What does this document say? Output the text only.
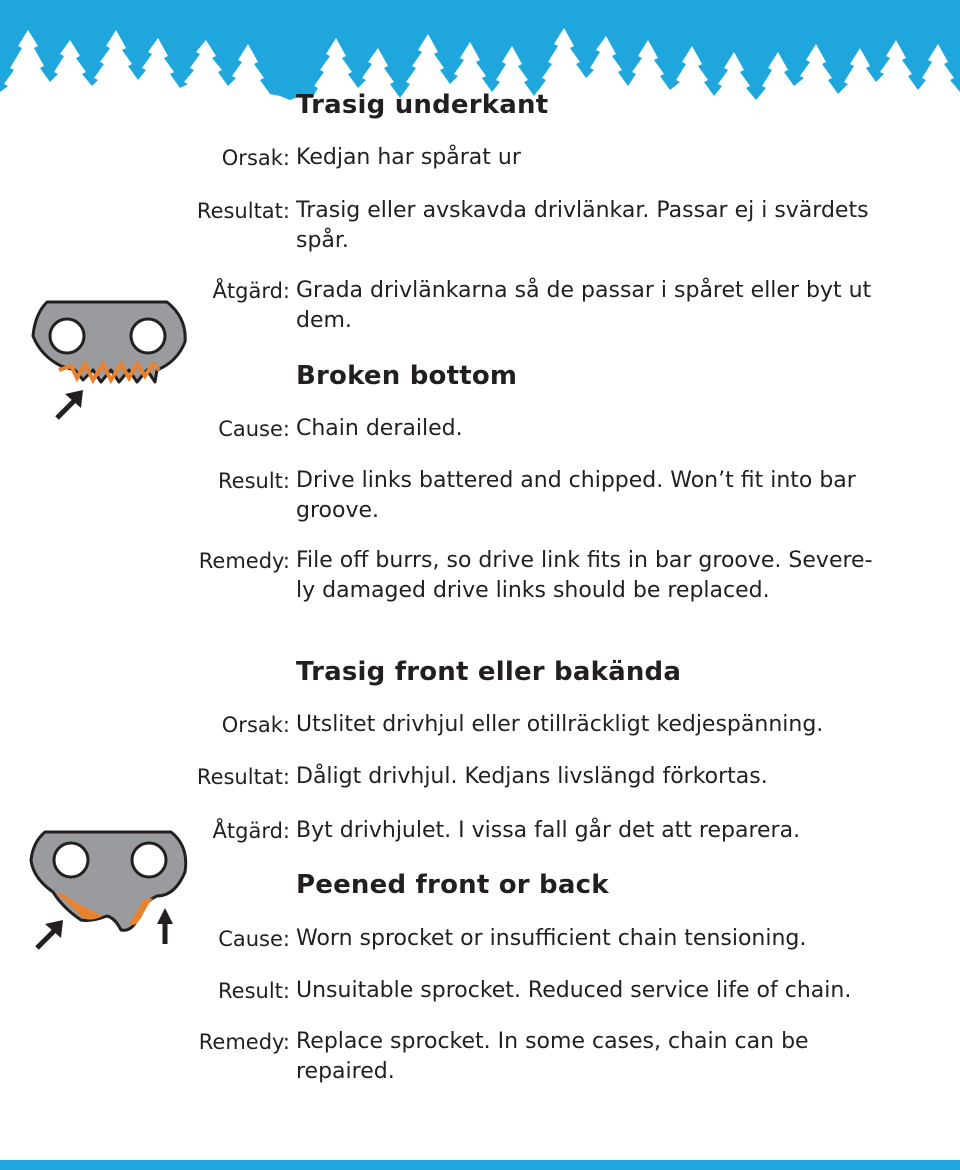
Trasig underkant
Orsak: Kedjan har spårat ur
Resultat: Trasig eller avskavda drivlänkar. Passar ej i svärdets spår.
Åtgärd: Grada drivlänkarna så de passar i spåret eller byt ut dem.
Broken bottom
Cause: Chain derailed.
Result: Drive links battered and chipped. Won’t fit into bar groove.
Remedy: File off burrs, so drive link fits in bar groove. Severe-ly damaged drive links should be replaced.
Trasig front eller bakända
Orsak: Utslitet drivhjul eller otillräckligt kedjespänning.
Resultat: Dåligt drivhjul. Kedjans livslängd förkortas.
Åtgärd: Byt drivhjulet. I vissa fall går det att reparera.
Peened front or back
Cause: Worn sprocket or insufficient chain tensioning.
Result: Unsuitable sprocket. Reduced service life of chain.
Remedy: Replace sprocket. In some cases, chain can be repaired.
